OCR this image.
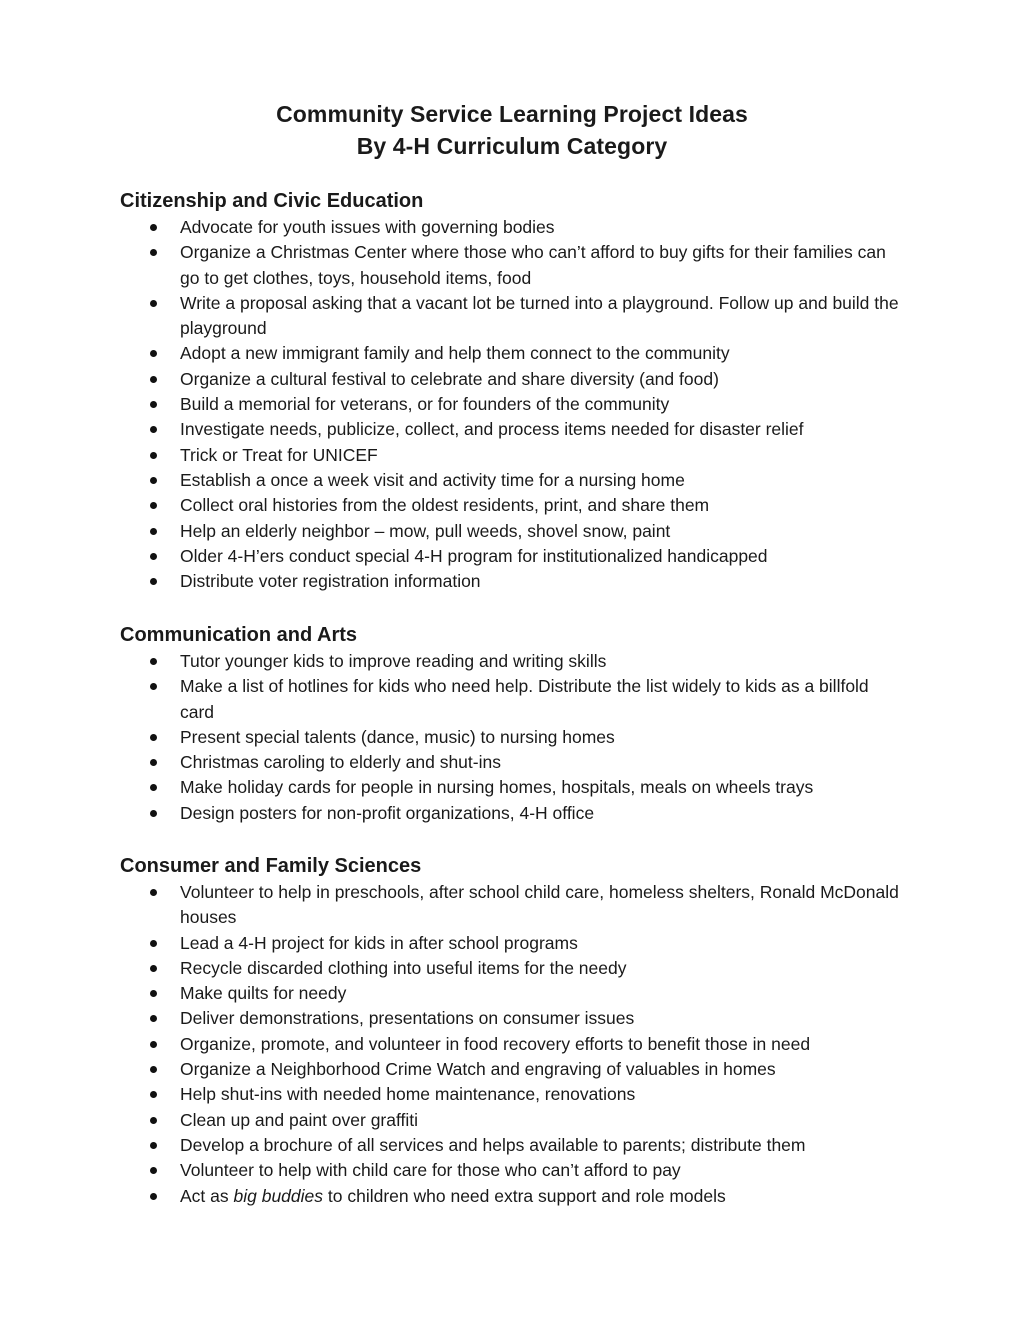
Community Service Learning Project Ideas
By 4-H Curriculum Category
Citizenship and Civic Education
Advocate for youth issues with governing bodies
Organize a Christmas Center where those who can’t afford to buy gifts for their families can go to get clothes, toys, household items, food
Write a proposal asking that a vacant lot be turned into a playground. Follow up and build the playground
Adopt a new immigrant family and help them connect to the community
Organize a cultural festival to celebrate and share diversity (and food)
Build a memorial for veterans, or for founders of the community
Investigate needs, publicize, collect, and process items needed for disaster relief
Trick or Treat for UNICEF
Establish a once a week visit and activity time for a nursing home
Collect oral histories from the oldest residents, print, and share them
Help an elderly neighbor – mow, pull weeds, shovel snow, paint
Older 4-H’ers conduct special 4-H program for institutionalized handicapped
Distribute voter registration information
Communication and Arts
Tutor younger kids to improve reading and writing skills
Make a list of hotlines for kids who need help. Distribute the list widely to kids as a billfold card
Present special talents (dance, music) to nursing homes
Christmas caroling to elderly and shut-ins
Make holiday cards for people in nursing homes, hospitals, meals on wheels trays
Design posters for non-profit organizations, 4-H office
Consumer and Family Sciences
Volunteer to help in preschools, after school child care, homeless shelters, Ronald McDonald houses
Lead a 4-H project for kids in after school programs
Recycle discarded clothing into useful items for the needy
Make quilts for needy
Deliver demonstrations, presentations on consumer issues
Organize, promote, and volunteer in food recovery efforts to benefit those in need
Organize a Neighborhood Crime Watch and engraving of valuables in homes
Help shut-ins with needed home maintenance, renovations
Clean up and paint over graffiti
Develop a brochure of all services and helps available to parents; distribute them
Volunteer to help with child care for those who can’t afford to pay
Act as big buddies to children who need extra support and role models
